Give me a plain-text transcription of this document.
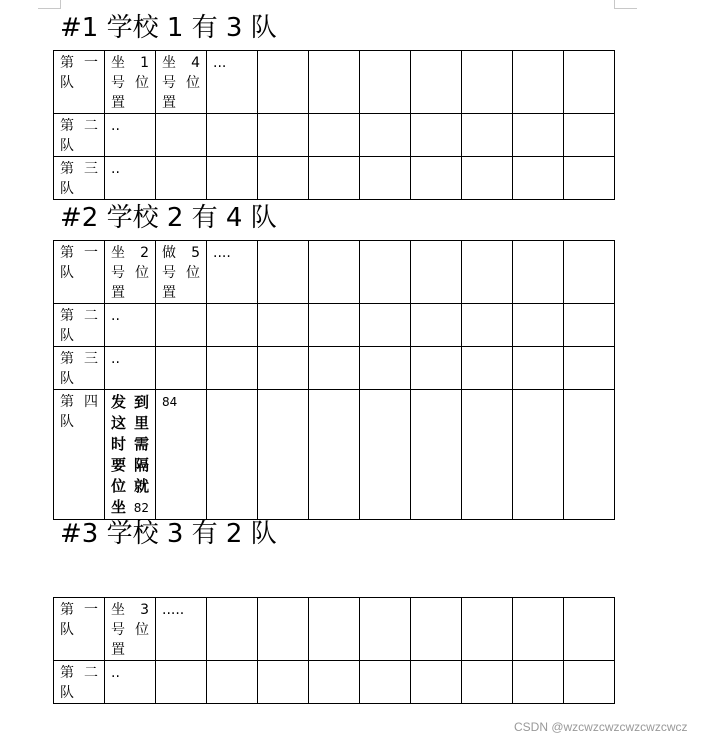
#1 学校 1 有 3 队
第一队	坐 1 号位置	坐 4 号位置	...							
第二队	..									
第三队	..									
#2 学校 2 有 4 队
第一队	坐 2 号位置	做 5 号位置	....							
第二队	..									
第三队	..									
第四队	发到这里时需要隔位就坐82	84								
#3 学校 3 有 2 队
第一队	坐 3 号位置	.....								
第二队	..									
CSDN @wzcwzcwzcwzcwzcwcz
